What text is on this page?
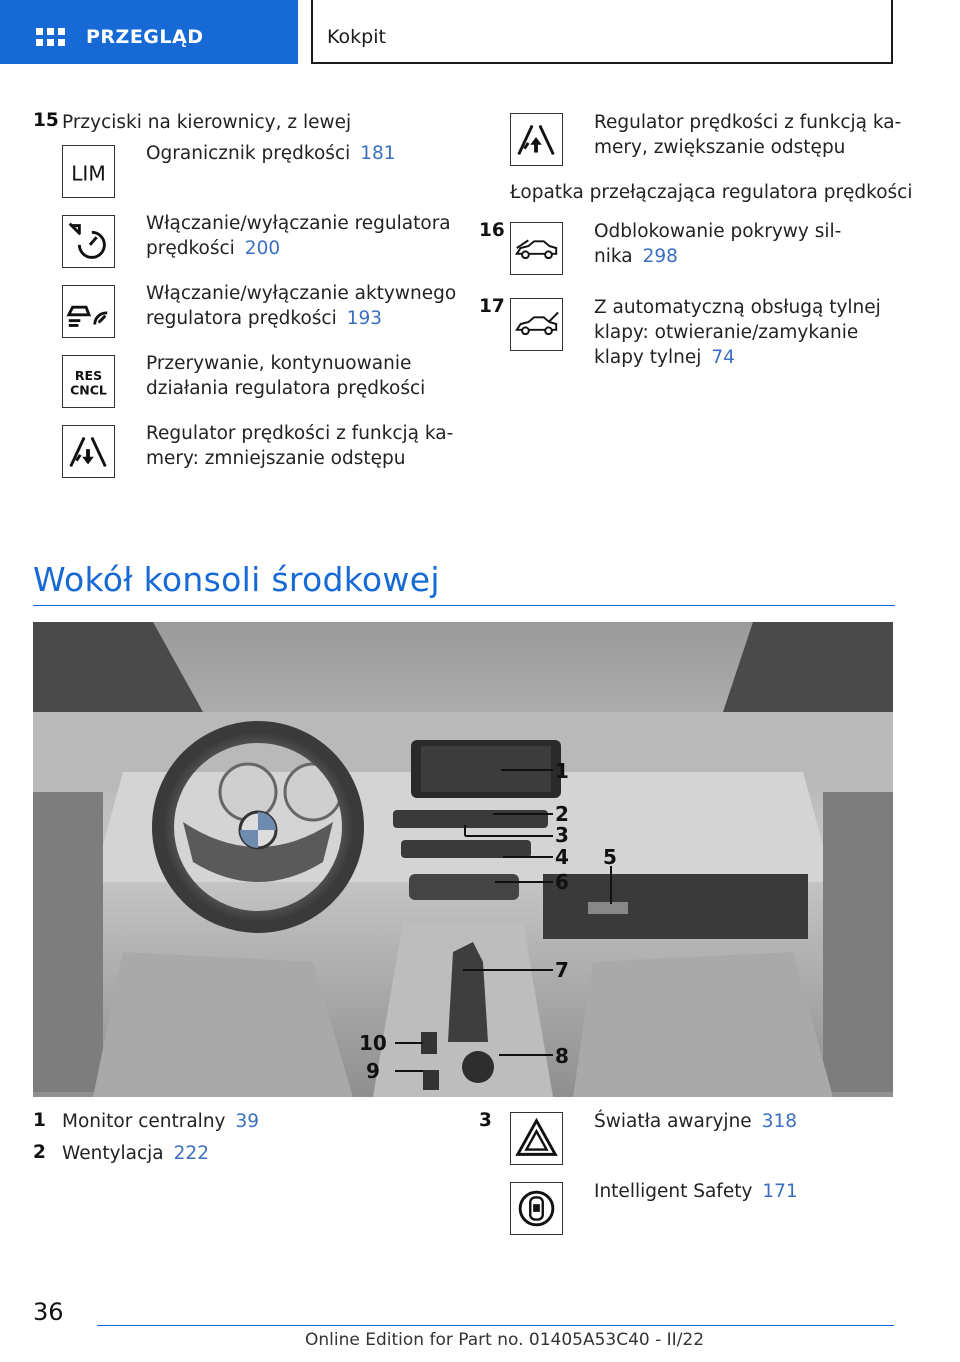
PRZEGLĄD	Kokpit
15 Przyciski na kierownicy, z lewej
LIM
Ogranicznik prędkości 181
Włączanie/wyłączanie regulatora
prędkości 200
Włączanie/wyłączanie aktywnego
regulatora prędkości 193
RES
CNCL
Przerywanie, kontynuowanie
działania regulatora prędkości
Regulator prędkości z funkcją ka-
mery: zmniejszanie odstępu
Regulator prędkości z funkcją ka-
mery, zwiększanie odstępu
Łopatka przełączająca regulatora prędkości
16	Odblokowanie pokrywy sil-
nika 298
17	Z automatyczną obsługą tylnej
klapy: otwieranie/zamykanie
klapy tylnej 74
Wokół konsoli środkowej
1
2
3
4 5
6
7
8
9
10
1 Monitor centralny 39
2 Wentylacja 222
3	Światła awaryjne 318
Intelligent Safety 171
36
Online Edition for Part no. 01405A53C40 - II/22
